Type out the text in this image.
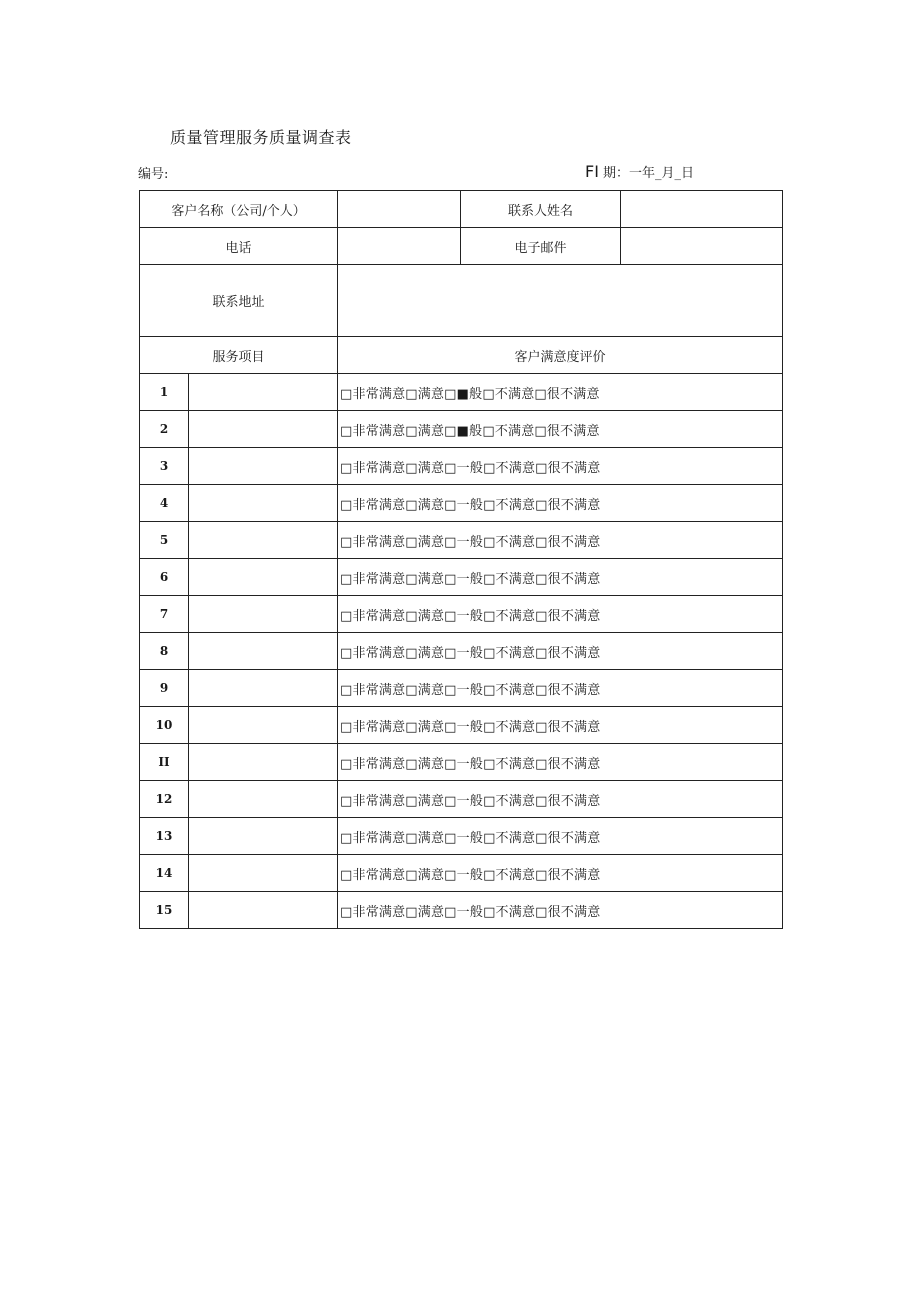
质量管理服务质量调查表
编号:	FI 期：一年_月_日
客户名称（公司/个人）			联系人姓名	
电话			电子邮件	
联系地址				
服务项目		客户满意度评价		
1		□非常满意□满意□■般□不满意□很不满意		
2		□非常满意□满意□■般□不满意□很不满意		
3		□非常满意□满意□一般□不满意□很不满意		
4		□非常满意□满意□一般□不满意□很不满意		
5		□非常满意□满意□一般□不满意□很不满意		
6		□非常满意□满意□一般□不满意□很不满意		
7		□非常满意□满意□一般□不满意□很不满意		
8		□非常满意□满意□一般□不满意□很不满意		
9		□非常满意□满意□一般□不满意□很不满意		
10		□非常满意□满意□一般□不满意□很不满意		
II		□非常满意□满意□一般□不满意□很不满意		
12		□非常满意□满意□一般□不满意□很不满意		
13		□非常满意□满意□一般□不满意□很不满意		
14		□非常满意□满意□一般□不满意□很不满意		
15		□非常满意□满意□一般□不满意□很不满意		
